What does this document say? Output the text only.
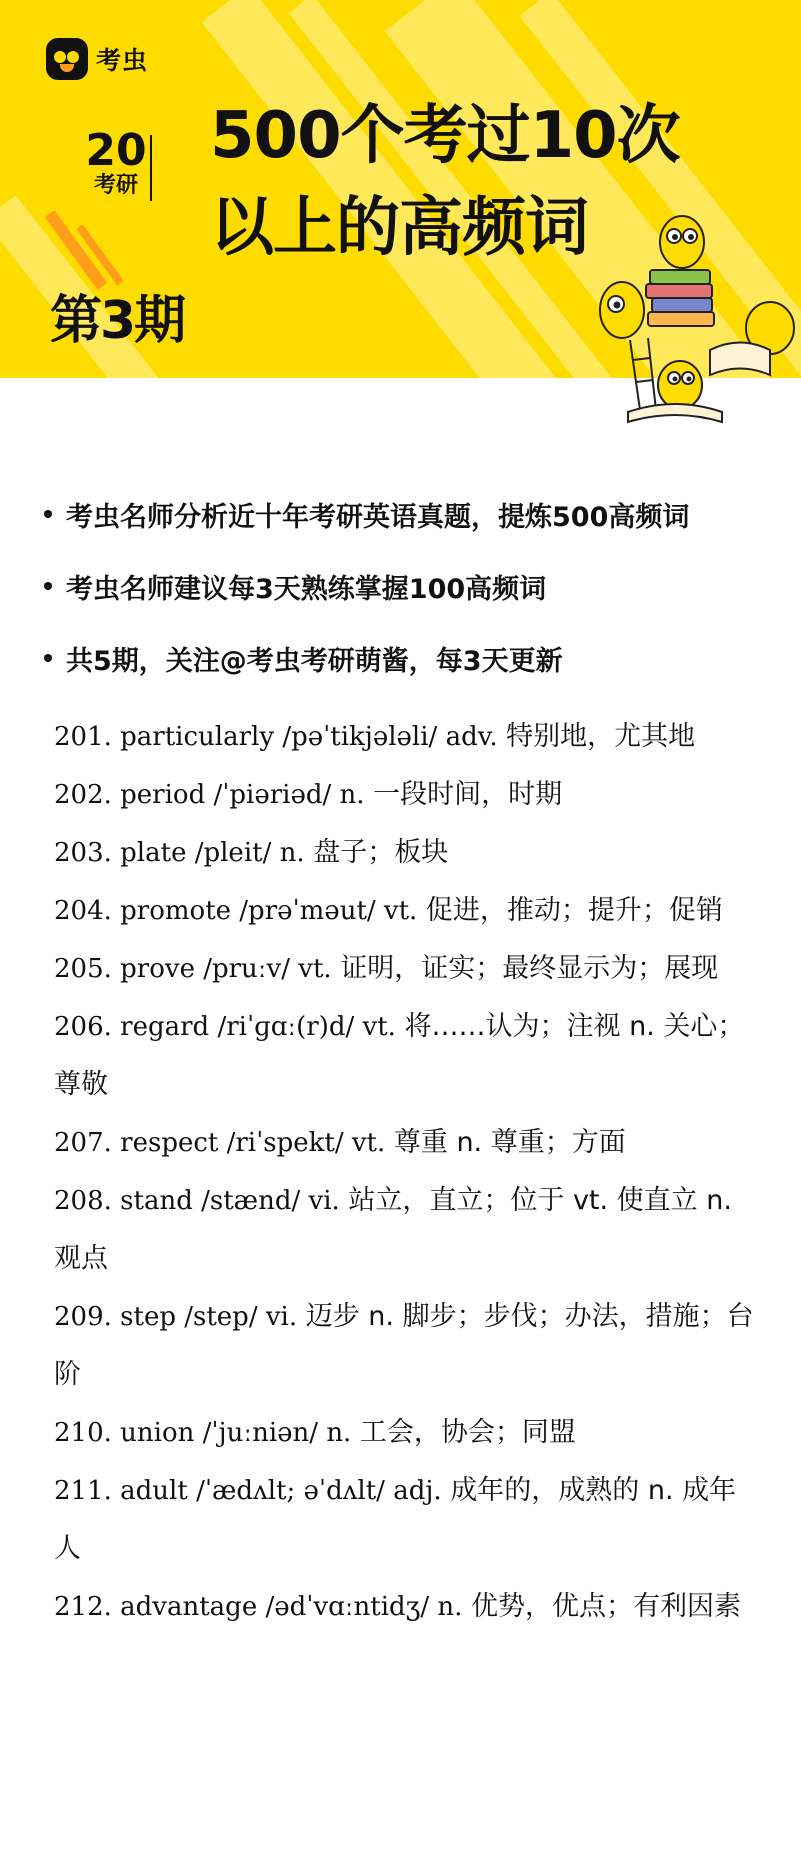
考虫
20
考研
500个考过10次
以上的高频词
第3期
考虫名师分析近十年考研英语真题，提炼500高频词
考虫名师建议每3天熟练掌握100高频词
共5期，关注@考虫考研萌酱，每3天更新

201. particularly /pəˈtikjələli/ adv. 特别地，尤其地

202. period /ˈpiəriəd/ n. 一段时间，时期

203. plate /pleit/ n. 盘子；板块

204. promote /prəˈməut/ vt. 促进，推动；提升；促销

205. prove /pruːv/ vt. 证明，证实；最终显示为；展现

206. regard /riˈɡɑː(r)d/ vt. 将……认为；注视 n. 关心；尊敬

207. respect /riˈspekt/ vt. 尊重 n. 尊重；方面

208. stand /stænd/ vi. 站立，直立；位于 vt. 使直立 n. 观点

209. step /step/ vi. 迈步 n. 脚步；步伐；办法，措施；台阶

210. union /ˈjuːniən/ n. 工会，协会；同盟

211. adult /ˈædʌlt; əˈdʌlt/ adj. 成年的，成熟的 n. 成年人

212. advantage /ədˈvɑːntidʒ/ n. 优势，优点；有利因素
